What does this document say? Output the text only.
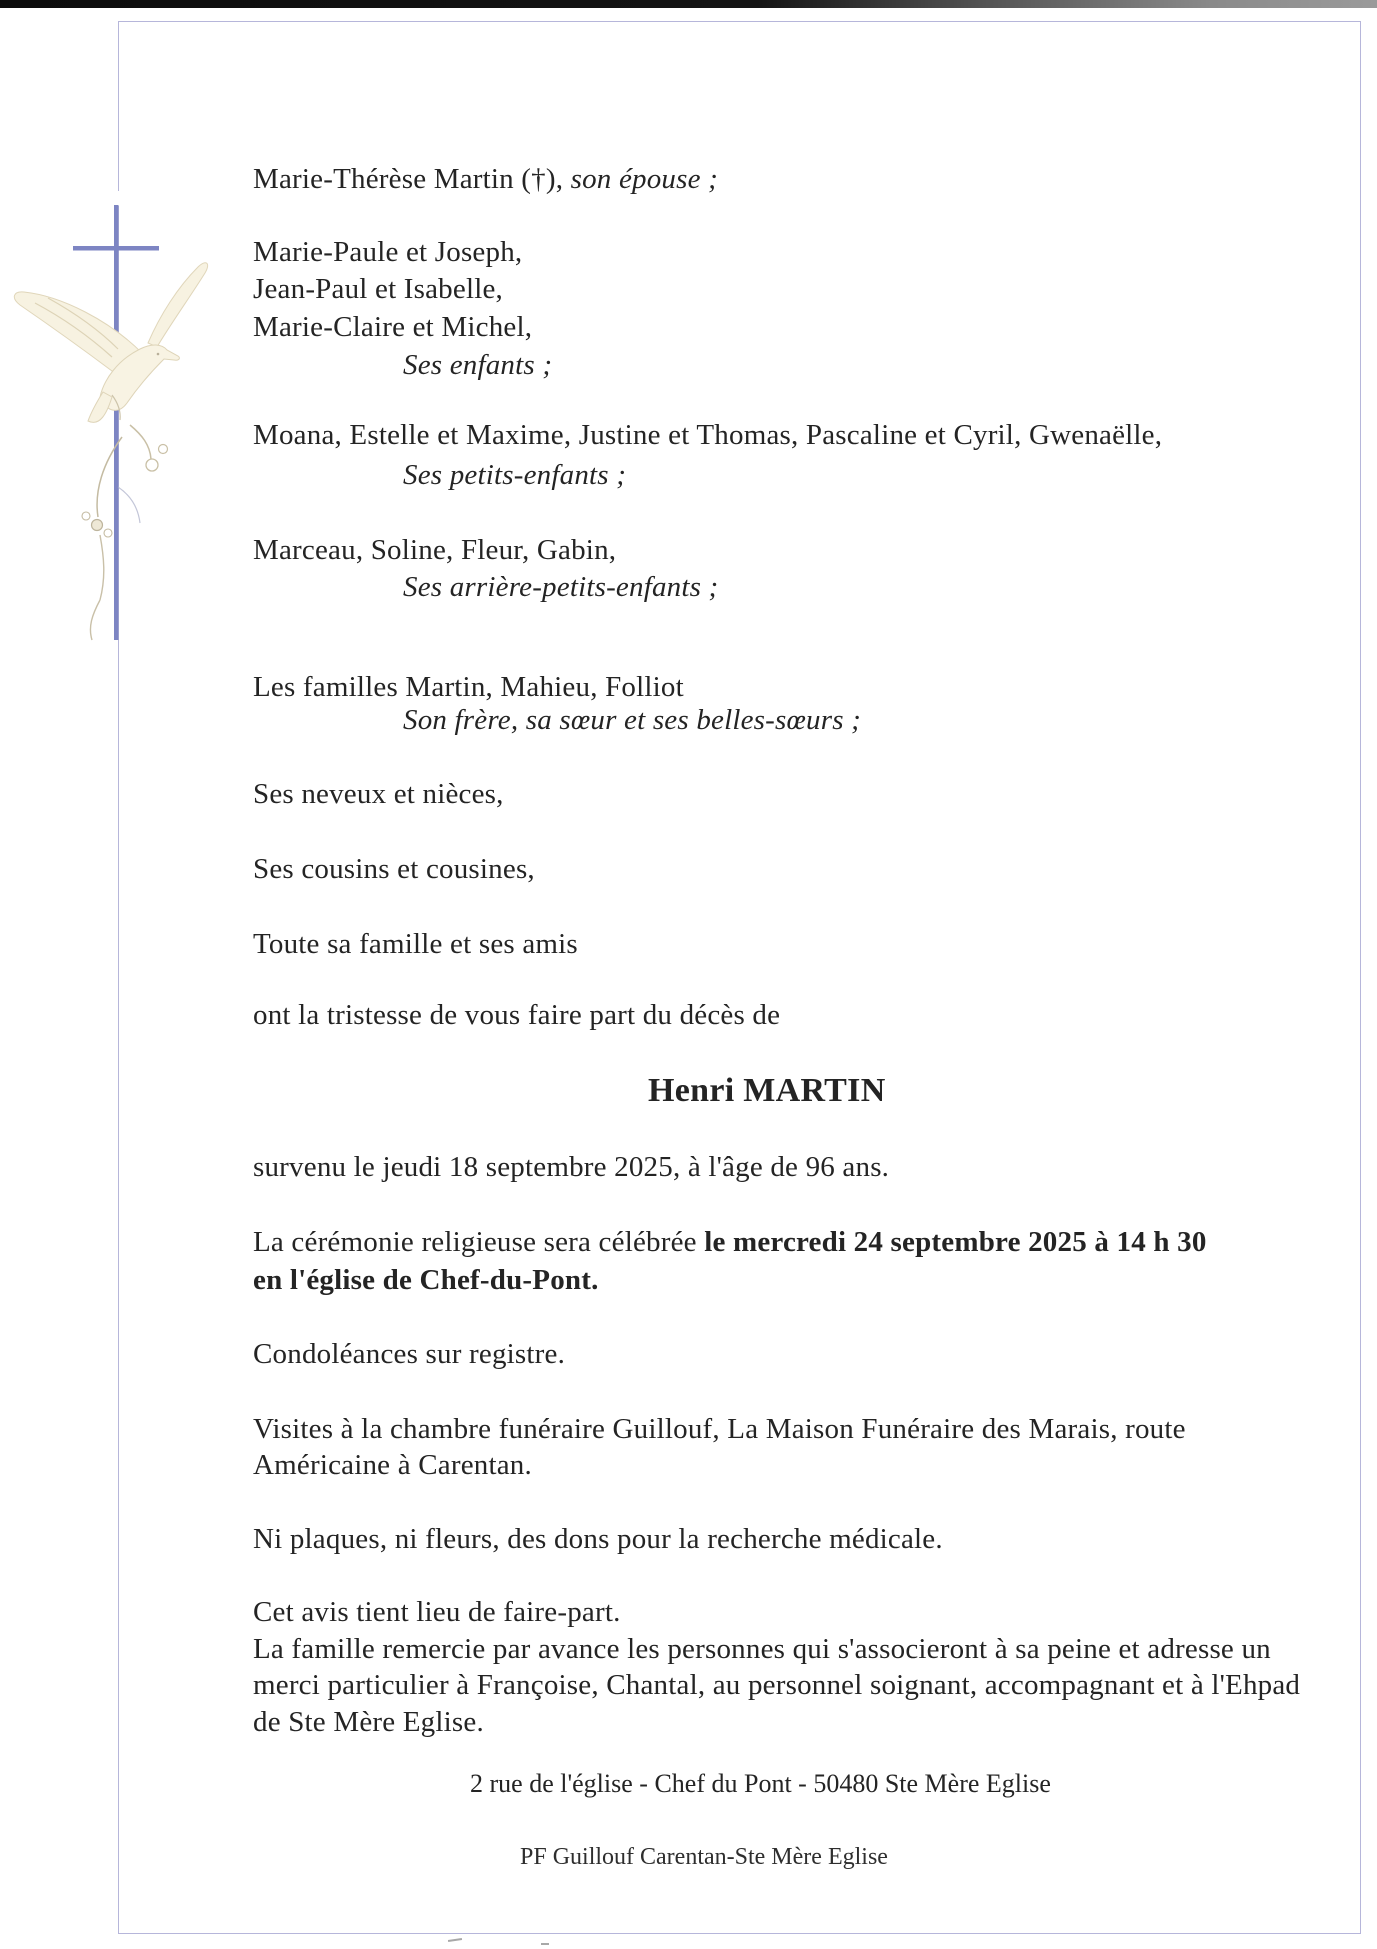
Marie-Thérèse Martin (†), son épouse ;
Marie-Paule et Joseph,
Jean-Paul et Isabelle,
Marie-Claire et Michel,
Ses enfants ;
Moana, Estelle et Maxime, Justine et Thomas, Pascaline et Cyril, Gwenaëlle,
Ses petits-enfants ;
Marceau, Soline, Fleur, Gabin,
Ses arrière-petits-enfants ;
Les familles Martin, Mahieu, Folliot
Son frère, sa sœur et ses belles-sœurs ;
Ses neveux et nièces,
Ses cousins et cousines,
Toute sa famille et ses amis
ont la tristesse de vous faire part du décès de
Henri MARTIN
survenu le jeudi 18 septembre 2025, à l'âge de 96 ans.
La cérémonie religieuse sera célébrée le mercredi 24 septembre 2025 à 14 h 30
en l'église de Chef-du-Pont.
Condoléances sur registre.
Visites à la chambre funéraire Guillouf, La Maison Funéraire des Marais, route
Américaine à Carentan.
Ni plaques, ni fleurs, des dons pour la recherche médicale.
Cet avis tient lieu de faire-part.
La famille remercie par avance les personnes qui s'associeront à sa peine et adresse un
merci particulier à Françoise, Chantal, au personnel soignant, accompagnant et à l'Ehpad
de Ste Mère Eglise.
2 rue de l'église - Chef du Pont - 50480 Ste Mère Eglise
PF Guillouf Carentan-Ste Mère Eglise
